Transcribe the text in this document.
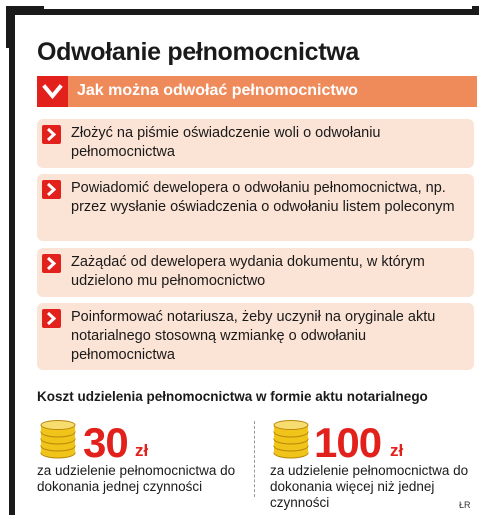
Odwołanie pełnomocnictwa
Jak można odwołać pełnomocnictwo
Złożyć na piśmie oświadczenie woli o odwołaniu pełnomocnictwa
Powiadomić dewelopera o odwołaniu pełnomocnictwa, np. przez wysłanie oświadczenia o odwołaniu listem poleconym
Zażądać od dewelopera wydania dokumentu, w którym udzielono mu pełnomocnictwo
Poinformować notariusza, żeby uczynił na oryginale aktu notarialnego stosowną wzmiankę o odwołaniu pełnomocnictwa
Koszt udzielenia pełnomocnictwa w formie aktu notarialnego
30 zł
za udzielenie pełnomocnictwa do dokonania jednej czynności
100 zł
za udzielenie pełnomocnictwa do dokonania więcej niż jednej czynności	ŁR
